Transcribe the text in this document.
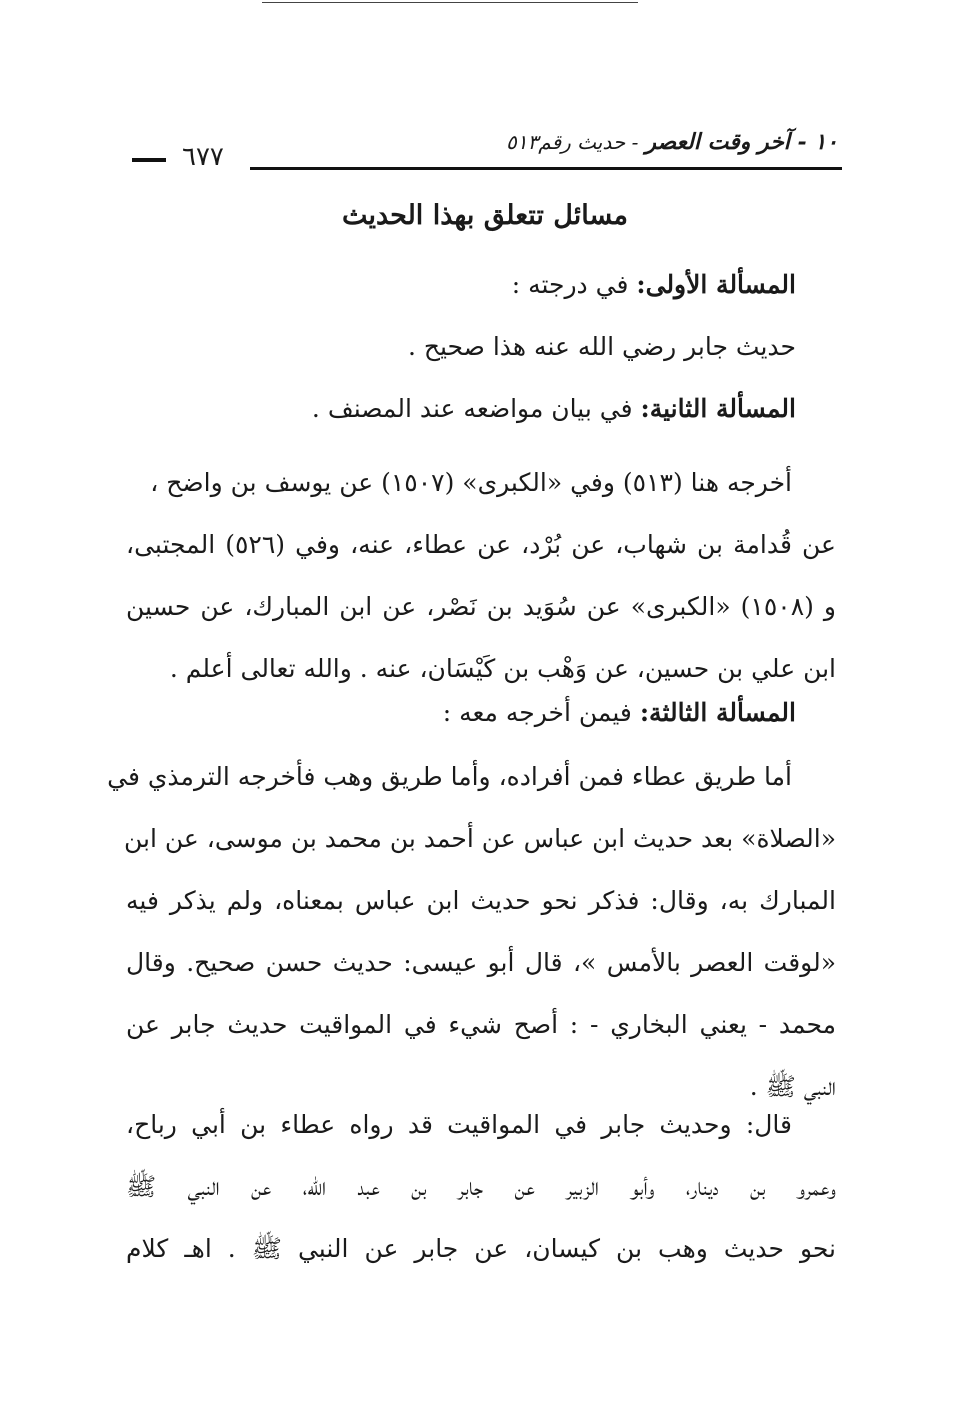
١٠ - آخر وقت العصر - حديث رقم٥١٣
٦٧٧
مسائل تتعلق بهذا الحديث
المسألة الأولى: في درجته :
حديث جابر رضي الله عنه هذا صحيح .
المسألة الثانية: في بيان مواضعه عند المصنف .
أخرجه هنا (٥١٣) وفي «الكبرى» (١٥٠٧) عن يوسف بن واضح ،
عن قُدامة بن شهاب، عن بُرْد، عن عطاء، عنه، وفي (٥٢٦) المجتبى،
و (١٥٠٨) «الكبرى» عن سُوَيد بن نَصْر، عن ابن المبارك، عن حسين
ابن علي بن حسين، عن وَهْب بن كَيْسَان، عنه . والله تعالى أعلم .
المسألة الثالثة: فيمن أخرجه معه :
أما طريق عطاء فمن أفراده، وأما طريق وهب فأخرجه الترمذي في
«الصلاة» بعد حديث ابن عباس عن أحمد بن محمد بن موسى، عن ابن
المبارك به، وقال: فذكر نحو حديث ابن عباس بمعناه، ولم يذكر فيه
«لوقت العصر بالأمس »، قال أبو عيسى: حديث حسن صحيح. وقال
محمد - يعني البخاري - : أصح شيء في المواقيت حديث جابر عن
النبي ﷺ .
قال: وحديث جابر في المواقيت قد رواه عطاء بن أبي رباح،
وعمرو بن دينار، وأبو الزبير عن جابر بن عبد الله، عن النبي ﷺ
نحو حديث وهب بن كيسان، عن جابر عن النبي ﷺ . اهـ كلام
